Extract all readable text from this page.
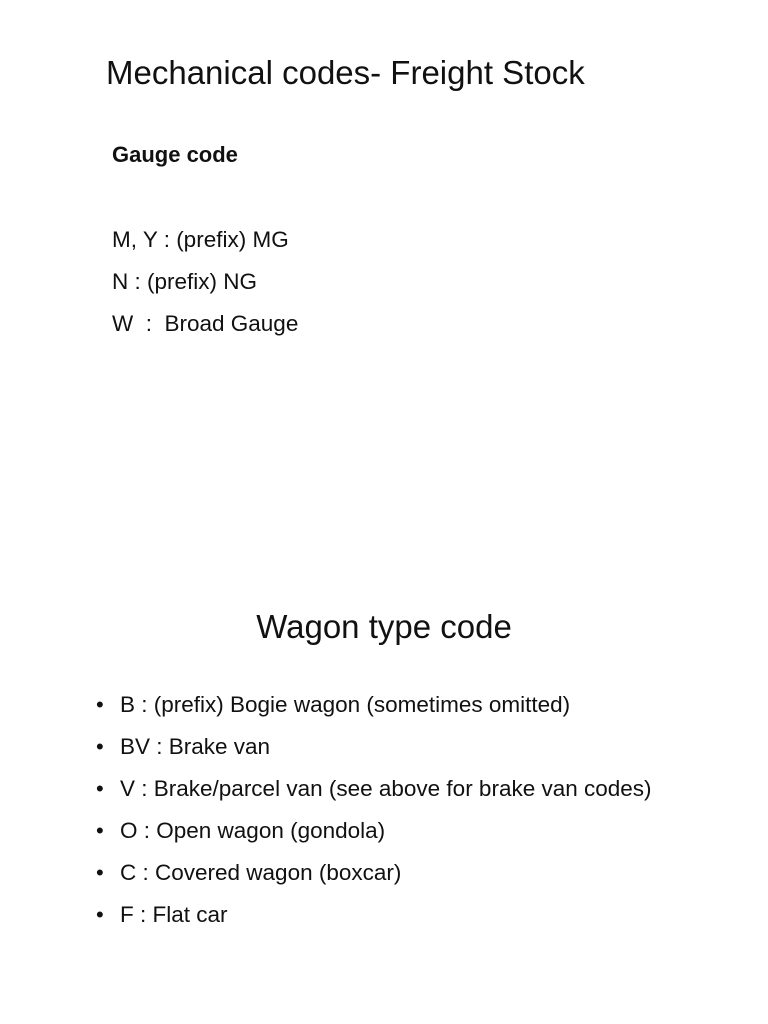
Mechanical codes- Freight Stock
Gauge code
M, Y : (prefix) MG
N : (prefix) NG
W  :  Broad Gauge
Wagon type code
• B : (prefix) Bogie wagon (sometimes omitted)
• BV : Brake van
• V : Brake/parcel van (see above for brake van codes)
• O : Open wagon (gondola)
• C : Covered wagon (boxcar)
• F : Flat car
